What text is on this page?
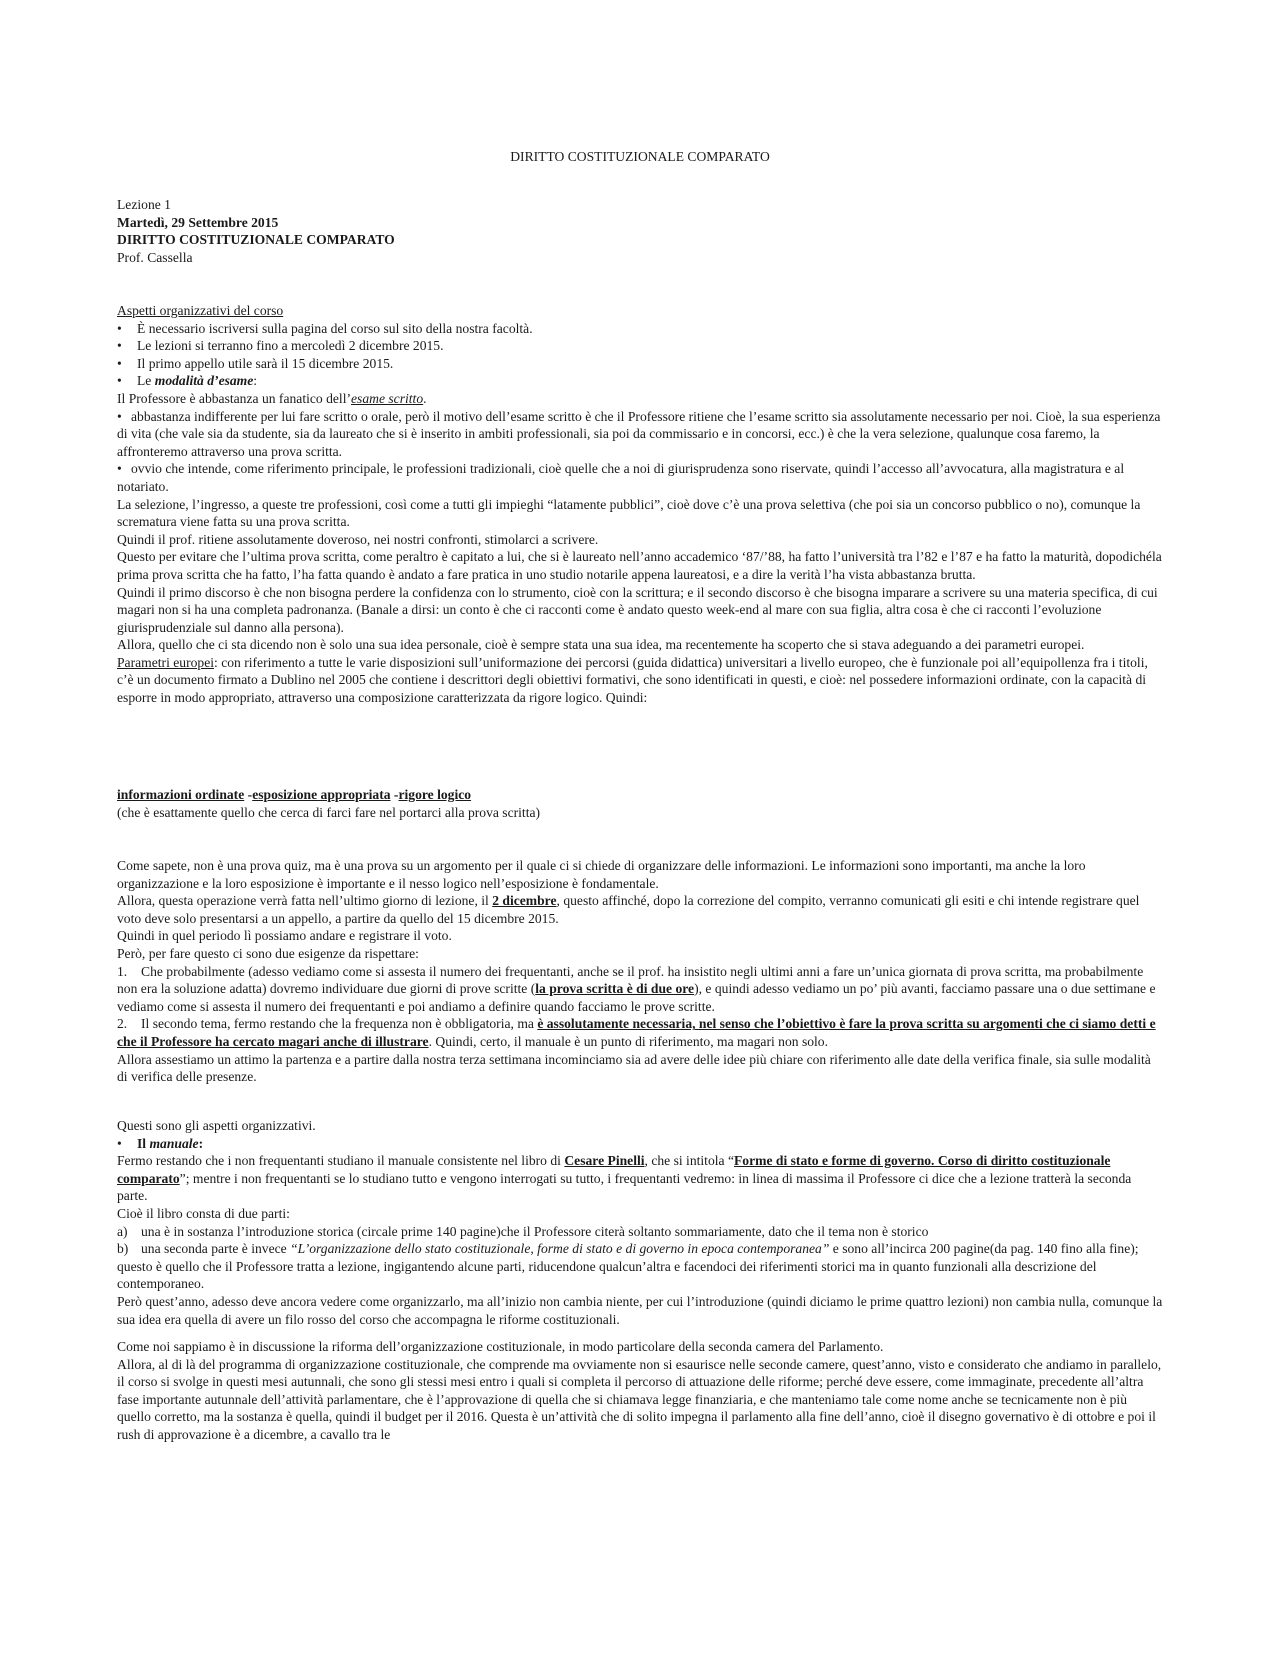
DIRITTO COSTITUZIONALE COMPARATO

Lezione 1

Martedì, 29 Settembre 2015

DIRITTO COSTITUZIONALE COMPARATO

Prof. Cassella

Aspetti organizzativi del corso

• È necessario iscriversi sulla pagina del corso sul sito della nostra facoltà.

• Le lezioni si terranno fino a mercoledì 2 dicembre 2015.

• Il primo appello utile sarà il 15 dicembre 2015.

• Le modalità d’esame:

Il Professore è abbastanza un fanatico dell’esame scritto.

• abbastanza indifferente per lui fare scritto o orale, però il motivo dell’esame scritto è che il Professore ritiene che l’esame scritto sia assolutamente necessario per noi. Cioè, la sua esperienza di vita (che vale sia da studente, sia da laureato che si è inserito in ambiti professionali, sia poi da commissario e in concorsi, ecc.) è che la vera selezione, qualunque cosa faremo, la affronteremo attraverso una prova scritta.

• ovvio che intende, come riferimento principale, le professioni tradizionali, cioè quelle che a noi di giurisprudenza sono riservate, quindi l’accesso all’avvocatura, alla magistratura e al notariato.

La selezione, l’ingresso, a queste tre professioni, così come a tutti gli impieghi “latamente pubblici”, cioè dove c’è una prova selettiva (che poi sia un concorso pubblico o no), comunque la scrematura viene fatta su una prova scritta.

Quindi il prof. ritiene assolutamente doveroso, nei nostri confronti, stimolarci a scrivere.

Questo per evitare che l’ultima prova scritta, come peraltro è capitato a lui, che si è laureato nell’anno accademico ‘87/’88, ha fatto l’università tra l’82 e l’87 e ha fatto la maturità, dopodichéla prima prova scritta che ha fatto, l’ha fatta quando è andato a fare pratica in uno studio notarile appena laureatosi, e a dire la verità l’ha vista abbastanza brutta.

Quindi il primo discorso è che non bisogna perdere la confidenza con lo strumento, cioè con la scrittura; e il secondo discorso è che bisogna imparare a scrivere su una materia specifica, di cui magari non si ha una completa padronanza. (Banale a dirsi: un conto è che ci racconti come è andato questo week-end al mare con sua figlia, altra cosa è che ci racconti l’evoluzione giurisprudenziale sul danno alla persona).

Allora, quello che ci sta dicendo non è solo una sua idea personale, cioè è sempre stata una sua idea, ma recentemente ha scoperto che si stava adeguando a dei parametri europei.

Parametri europei: con riferimento a tutte le varie disposizioni sull’uniformazione dei percorsi (guida didattica) universitari a livello europeo, che è funzionale poi all’equipollenza fra i titoli, c’è un documento firmato a Dublino nel 2005 che contiene i descrittori degli obiettivi formativi, che sono identificati in questi, e cioè: nel possedere informazioni ordinate, con la capacità di esporre in modo appropriato, attraverso una composizione caratterizzata da rigore logico. Quindi:

informazioni ordinate -esposizione appropriata -rigore logico

(che è esattamente quello che cerca di farci fare nel portarci alla prova scritta)

Come sapete, non è una prova quiz, ma è una prova su un argomento per il quale ci si chiede di organizzare delle informazioni. Le informazioni sono importanti, ma anche la loro organizzazione e la loro esposizione è importante e il nesso logico nell’esposizione è fondamentale.

Allora, questa operazione verrà fatta nell’ultimo giorno di lezione, il 2 dicembre, questo affinché, dopo la correzione del compito, verranno comunicati gli esiti e chi intende registrare quel voto deve solo presentarsi a un appello, a partire da quello del 15 dicembre 2015.

Quindi in quel periodo lì possiamo andare e registrare il voto.

Però, per fare questo ci sono due esigenze da rispettare:

1. Che probabilmente (adesso vediamo come si assesta il numero dei frequentanti, anche se il prof. ha insistito negli ultimi anni a fare un’unica giornata di prova scritta, ma probabilmente non era la soluzione adatta) dovremo individuare due giorni di prove scritte (la prova scritta è di due ore), e quindi adesso vediamo un po’ più avanti, facciamo passare una o due settimane e vediamo come si assesta il numero dei frequentanti e poi andiamo a definire quando facciamo le prove scritte.

2. Il secondo tema, fermo restando che la frequenza non è obbligatoria, ma è assolutamente necessaria, nel senso che l’obiettivo è fare la prova scritta su argomenti che ci siamo detti e che il Professore ha cercato magari anche di illustrare. Quindi, certo, il manuale è un punto di riferimento, ma magari non solo.

Allora assestiamo un attimo la partenza e a partire dalla nostra terza settimana incominciamo sia ad avere delle idee più chiare con riferimento alle date della verifica finale, sia sulle modalità di verifica delle presenze.

Questi sono gli aspetti organizzativi.

• Il manuale:

Fermo restando che i non frequentanti studiano il manuale consistente nel libro di Cesare Pinelli, che si intitola “Forme di stato e forme di governo. Corso di diritto costituzionale comparato”; mentre i non frequentanti se lo studiano tutto e vengono interrogati su tutto, i frequentanti vedremo: in linea di massima il Professore ci dice che a lezione tratterà la seconda parte.

Cioè il libro consta di due parti:

a) una è in sostanza l’introduzione storica (circale prime 140 pagine)che il Professore citerà soltanto sommariamente, dato che il tema non è storico

b) una seconda parte è invece “L’organizzazione dello stato costituzionale, forme di stato e di governo in epoca contemporanea” e sono all’incirca 200 pagine(da pag. 140 fino alla fine); questo è quello che il Professore tratta a lezione, ingigantendo alcune parti, riducendone qualcun’altra e facendoci dei riferimenti storici ma in quanto funzionali alla descrizione del contemporaneo.

Però quest’anno, adesso deve ancora vedere come organizzarlo, ma all’inizio non cambia niente, per cui l’introduzione (quindi diciamo le prime quattro lezioni) non cambia nulla, comunque la sua idea era quella di avere un filo rosso del corso che accompagna le riforme costituzionali.

Come noi sappiamo è in discussione la riforma dell’organizzazione costituzionale, in modo particolare della seconda camera del Parlamento.

Allora, al di là del programma di organizzazione costituzionale, che comprende ma ovviamente non si esaurisce nelle seconde camere, quest’anno, visto e considerato che andiamo in parallelo, il corso si svolge in questi mesi autunnali, che sono gli stessi mesi entro i quali si completa il percorso di attuazione delle riforme; perché deve essere, come immaginate, precedente all’altra fase importante autunnale dell’attività parlamentare, che è l’approvazione di quella che si chiamava legge finanziaria, e che manteniamo tale come nome anche se tecnicamente non è più quello corretto, ma la sostanza è quella, quindi il budget per il 2016. Questa è un’attività che di solito impegna il parlamento alla fine dell’anno, cioè il disegno governativo è di ottobre e poi il rush di approvazione è a dicembre, a cavallo tra le
